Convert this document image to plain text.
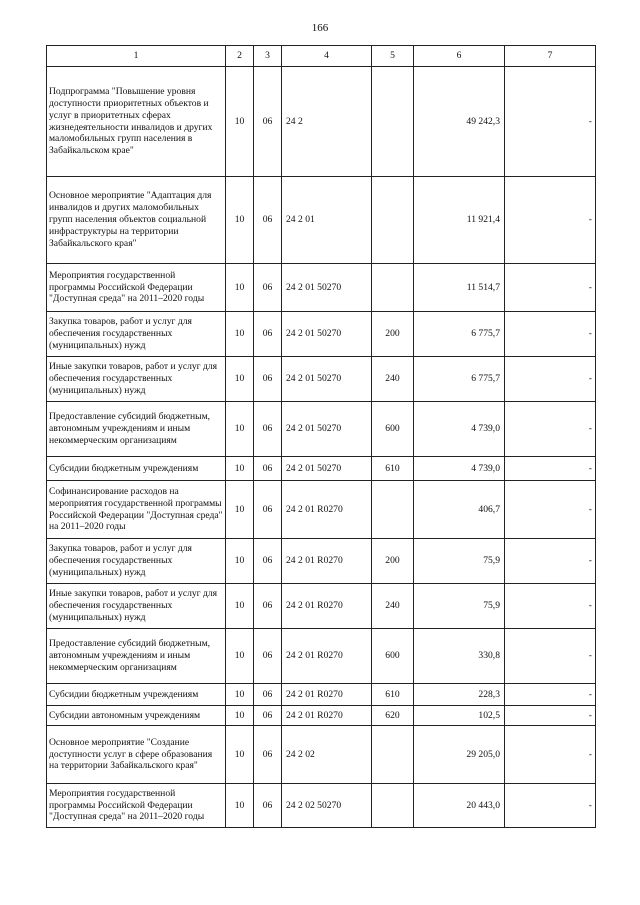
166
1	2	3	4	5	6	7
Подпрограмма "Повышение уровня доступности приоритетных объектов и услуг в приоритетных сферах жизнедеятельности инвалидов и других маломобильных групп населения в Забайкальском крае"	10	06	24 2		49 242,3	-
Основное мероприятие "Адаптация для инвалидов и других маломобильных групп населения объектов социальной инфраструктуры на территории Забайкальского края"	10	06	24 2 01		11 921,4	-
Мероприятия государственной программы Российской Федерации "Доступная среда" на 2011–2020 годы	10	06	24 2 01 50270		11 514,7	-
Закупка товаров, работ и услуг для обеспечения государственных (муниципальных) нужд	10	06	24 2 01 50270	200	6 775,7	-
Иные закупки товаров, работ и услуг для обеспечения государственных (муниципальных) нужд	10	06	24 2 01 50270	240	6 775,7	-
Предоставление субсидий бюджетным, автономным учреждениям и иным некоммерческим организациям	10	06	24 2 01 50270	600	4 739,0	-
Субсидии бюджетным учреждениям	10	06	24 2 01 50270	610	4 739,0	-
Софинансирование расходов на мероприятия государственной программы Российской Федерации "Доступная среда" на 2011–2020 годы	10	06	24 2 01 R0270		406,7	-
Закупка товаров, работ и услуг для обеспечения государственных (муниципальных) нужд	10	06	24 2 01 R0270	200	75,9	-
Иные закупки товаров, работ и услуг для обеспечения государственных (муниципальных) нужд	10	06	24 2 01 R0270	240	75,9	-
Предоставление субсидий бюджетным, автономным учреждениям и иным некоммерческим организациям	10	06	24 2 01 R0270	600	330,8	-
Субсидии бюджетным учреждениям	10	06	24 2 01 R0270	610	228,3	-
Субсидии автономным учреждениям	10	06	24 2 01 R0270	620	102,5	-
Основное мероприятие "Создание доступности услуг в сфере образования на территории Забайкальского края"	10	06	24 2 02		29 205,0	-
Мероприятия государственной программы Российской Федерации "Доступная среда" на 2011–2020 годы	10	06	24 2 02 50270		20 443,0	-
